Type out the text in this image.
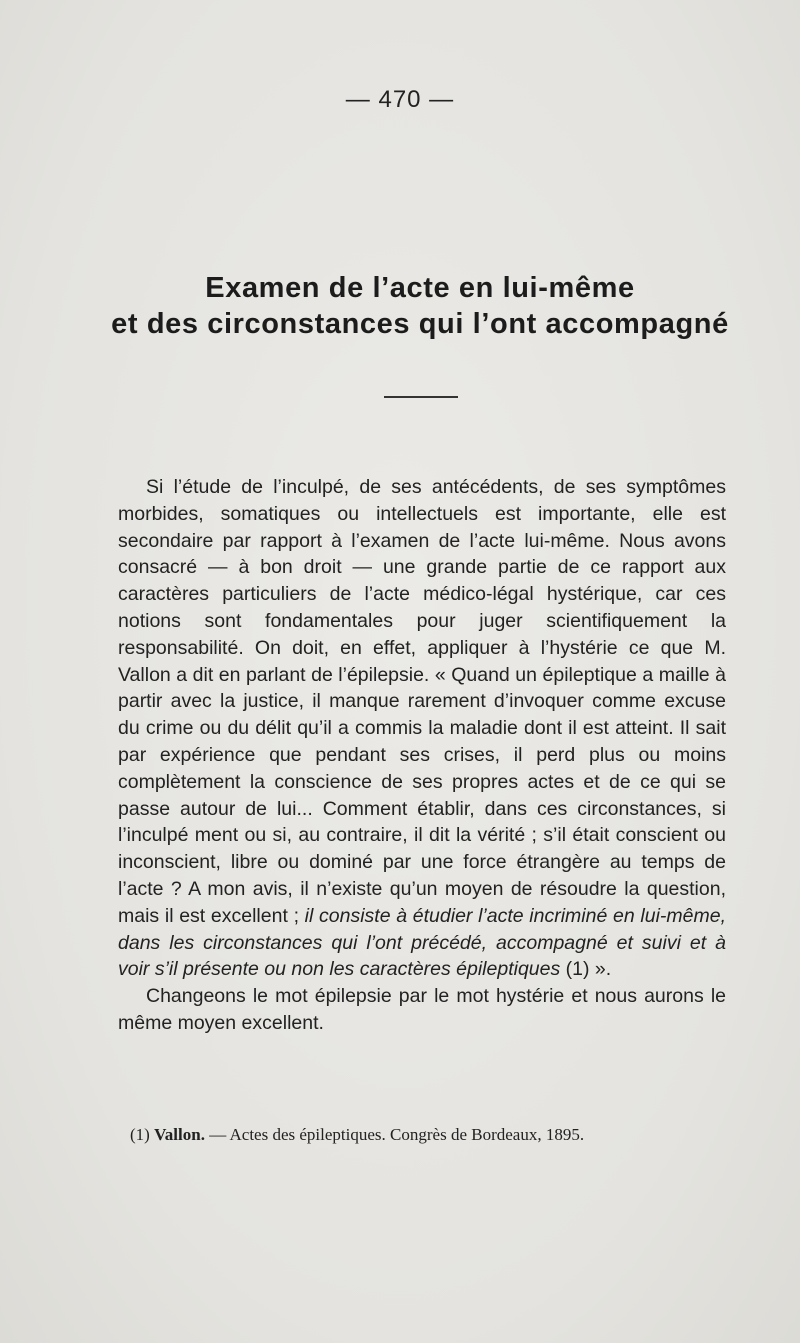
— 470 —
Examen de l’acte en lui-même
et des circonstances qui l’ont accompagné

Si l’étude de l’inculpé, de ses antécédents, de ses symptômes morbides, somatiques ou intellectuels est importante, elle est secondaire par rapport à l’examen de l’acte lui-même. Nous avons consacré — à bon droit — une grande partie de ce rapport aux caractères particuliers de l’acte médico-légal hystérique, car ces notions sont fondamentales pour juger scientifiquement la responsabilité. On doit, en effet, appliquer à l’hystérie ce que M. Vallon a dit en parlant de l’épilepsie. « Quand un épileptique a maille à partir avec la justice, il manque rarement d’invoquer comme excuse du crime ou du délit qu’il a commis la maladie dont il est atteint. Il sait par expérience que pendant ses crises, il perd plus ou moins complètement la conscience de ses propres actes et de ce qui se passe autour de lui... Comment établir, dans ces circonstances, si l’inculpé ment ou si, au contraire, il dit la vérité ; s’il était conscient ou inconscient, libre ou dominé par une force étrangère au temps de l’acte ? A mon avis, il n’existe qu’un moyen de résoudre la question, mais il est excellent ; il consiste à étudier l’acte incriminé en lui-même, dans les circonstances qui l’ont précédé, accompagné et suivi et à voir s’il présente ou non les caractères épileptiques (1) ».

Changeons le mot épilepsie par le mot hystérie et nous aurons le même moyen excellent.

(1) Vallon. — Actes des épileptiques. Congrès de Bordeaux, 1895.
